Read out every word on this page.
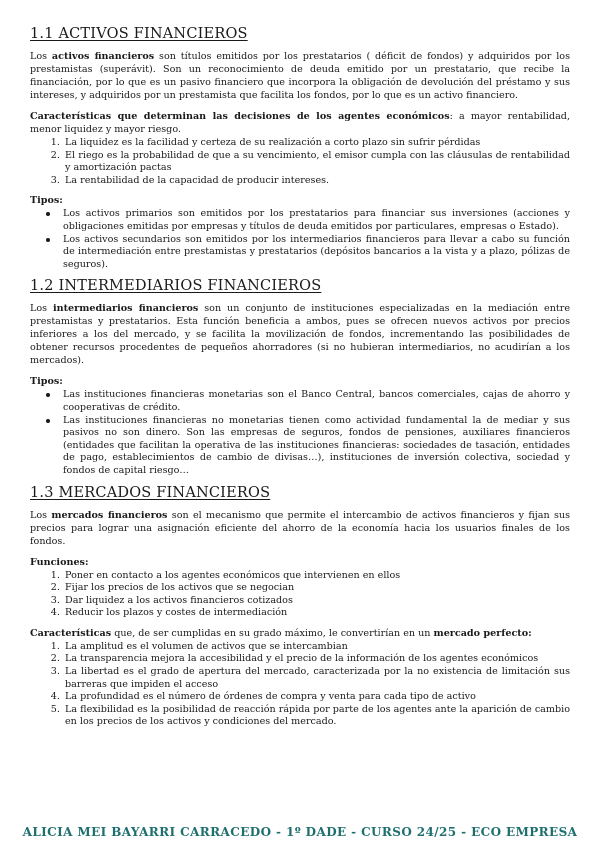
1.1 ACTIVOS FINANCIEROS

Los activos financieros son títulos emitidos por los prestatarios ( déficit de fondos) y adquiridos por los prestamistas (superávit). Son un reconocimiento de deuda emitido por un prestatario, que recibe la financiación, por lo que es un pasivo financiero que incorpora la obligación de devolución del préstamo y sus intereses, y adquiridos por un prestamista que facilita los fondos, por lo que es un activo financiero.

Características que determinan las decisiones de los agentes económicos: a mayor rentabilidad, menor liquidez y mayor riesgo.

1. La liquidez es la facilidad y certeza de su realización a corto plazo sin sufrir pérdidas
2. El riego es la probabilidad de que a su vencimiento, el emisor cumpla con las cláusulas de rentabilidad y amortización pactas
3. La rentabilidad de la capacidad de producir intereses.
Tipos:
Los activos primarios son emitidos por los prestatarios para financiar sus inversiones (acciones y obligaciones emitidas por empresas y títulos de deuda emitidos por particulares, empresas o Estado).
Los activos secundarios son emitidos por los intermediarios financieros para llevar a cabo su función de intermediación entre prestamistas y prestatarios (depósitos bancarios a la vista y a plazo, pólizas de seguros).
1.2 INTERMEDIARIOS FINANCIEROS

Los intermediarios financieros son un conjunto de instituciones especializadas en la mediación entre prestamistas y prestatarios. Esta función beneficia a ambos, pues se ofrecen nuevos activos por precios inferiores a los del mercado, y se facilita la movilización de fondos, incrementando las posibilidades de obtener recursos procedentes de pequeños ahorradores (si no hubieran intermediarios, no acudirían a los mercados).

Tipos:
Las instituciones financieras monetarias son el Banco Central, bancos comerciales, cajas de ahorro y cooperativas de crédito.
Las instituciones financieras no monetarias tienen como actividad fundamental la de mediar y sus pasivos no son dinero. Son las empresas de seguros, fondos de pensiones, auxiliares financieros (entidades que facilitan la operativa de las instituciones financieras: sociedades de tasación, entidades de pago, establecimientos de cambio de divisas…), instituciones de inversión colectiva, sociedad y fondos de capital riesgo…
1.3 MERCADOS FINANCIEROS

Los mercados financieros son el mecanismo que permite el intercambio de activos financieros y fijan sus precios para lograr una asignación eficiente del ahorro de la economía hacia los usuarios finales de los fondos.

Funciones:
1. Poner en contacto a los agentes económicos que intervienen en ellos
2. Fijar los precios de los activos que se negocian
3. Dar liquidez a los activos financieros cotizados
4. Reducir los plazos y costes de intermediación

Características que, de ser cumplidas en su grado máximo, le convertirían en un mercado perfecto:

1. La amplitud es el volumen de activos que se intercambian
2. La transparencia mejora la accesibilidad y el precio de la información de los agentes económicos
3. La libertad es el grado de apertura del mercado, caracterizada por la no existencia de limitación sus barreras que impiden el acceso
4. La profundidad es el número de órdenes de compra y venta para cada tipo de activo
5. La flexibilidad es la posibilidad de reacción rápida por parte de los agentes ante la aparición de cambio en los precios de los activos y condiciones del mercado.
ALICIA MEI BAYARRI CARRACEDO - 1º DADE - CURSO 24/25 - ECO EMPRESA
